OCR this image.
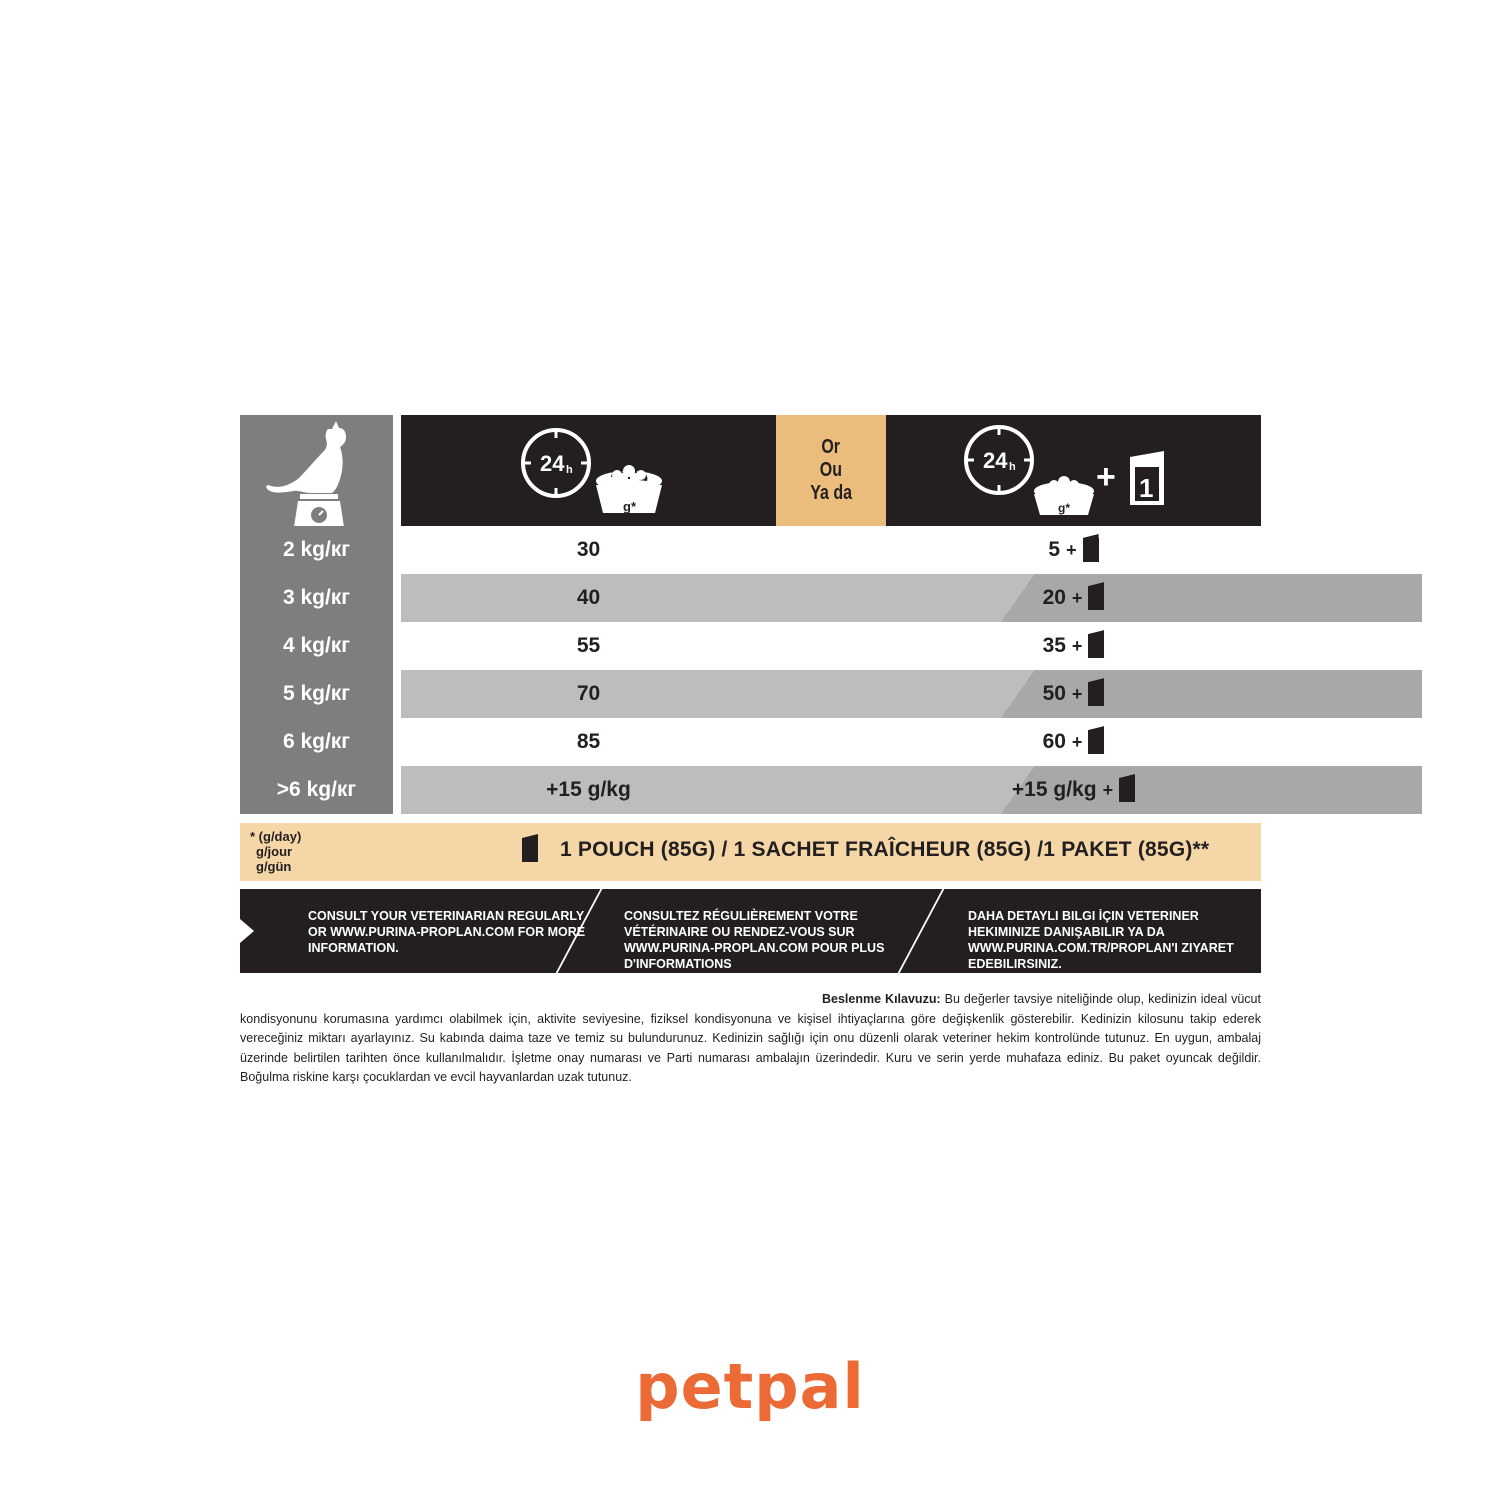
24 h
g*
Or
Ou
Ya da
24 h
g*
+ 1
2 kg/кг	30	5 +
3 kg/кг	40	20 +
4 kg/кг	55	35 +
5 kg/кг	70	50 +
6 kg/кг	85	60 +
>6 kg/кг	+15 g/kg	+15 g/kg +
* (g/day)
g/jour
g/gün
1 POUCH (85G) / 1 SACHET FRAÎCHEUR (85G) /1 PAKET (85G)**
CONSULT YOUR VETERINARIAN REGULARLY OR WWW.PURINA-PROPLAN.COM FOR MORE INFORMATION.
CONSULTEZ RÉGULIÈREMENT VOTRE VÉTÉRINAIRE OU RENDEZ-VOUS SUR WWW.PURINA-PROPLAN.COM POUR PLUS D'INFORMATIONS
DAHA DETAYLI BILGI İÇIN VETERINER HEKIMINIZE DANIŞABILIR YA DA WWW.PURINA.COM.TR/PROPLAN'I ZIYARET EDEBILIRSINIZ.
Beslenme Kılavuzu: Bu değerler tavsiye niteliğinde olup, kedinizin ideal vücut kondisyonunu korumasına yardımcı olabilmek için, aktivite seviyesine, fiziksel kondisyonuna ve kişisel ihtiyaçlarına göre değişkenlik gösterebilir. Kedinizin kilosunu takip ederek vereceğiniz miktarı ayarlayınız. Su kabında daima taze ve temiz su bulundurunuz. Kedinizin sağlığı için onu düzenli olarak veteriner hekim kontrolünde tutunuz. En uygun, ambalaj üzerinde belirtilen tarihten önce kullanılmalıdır. İşletme onay numarası ve Parti numarası ambalajın üzerindedir. Kuru ve serin yerde muhafaza ediniz. Bu paket oyuncak değildir. Boğulma riskine karşı çocuklardan ve evcil hayvanlardan uzak tutunuz.
petpal
